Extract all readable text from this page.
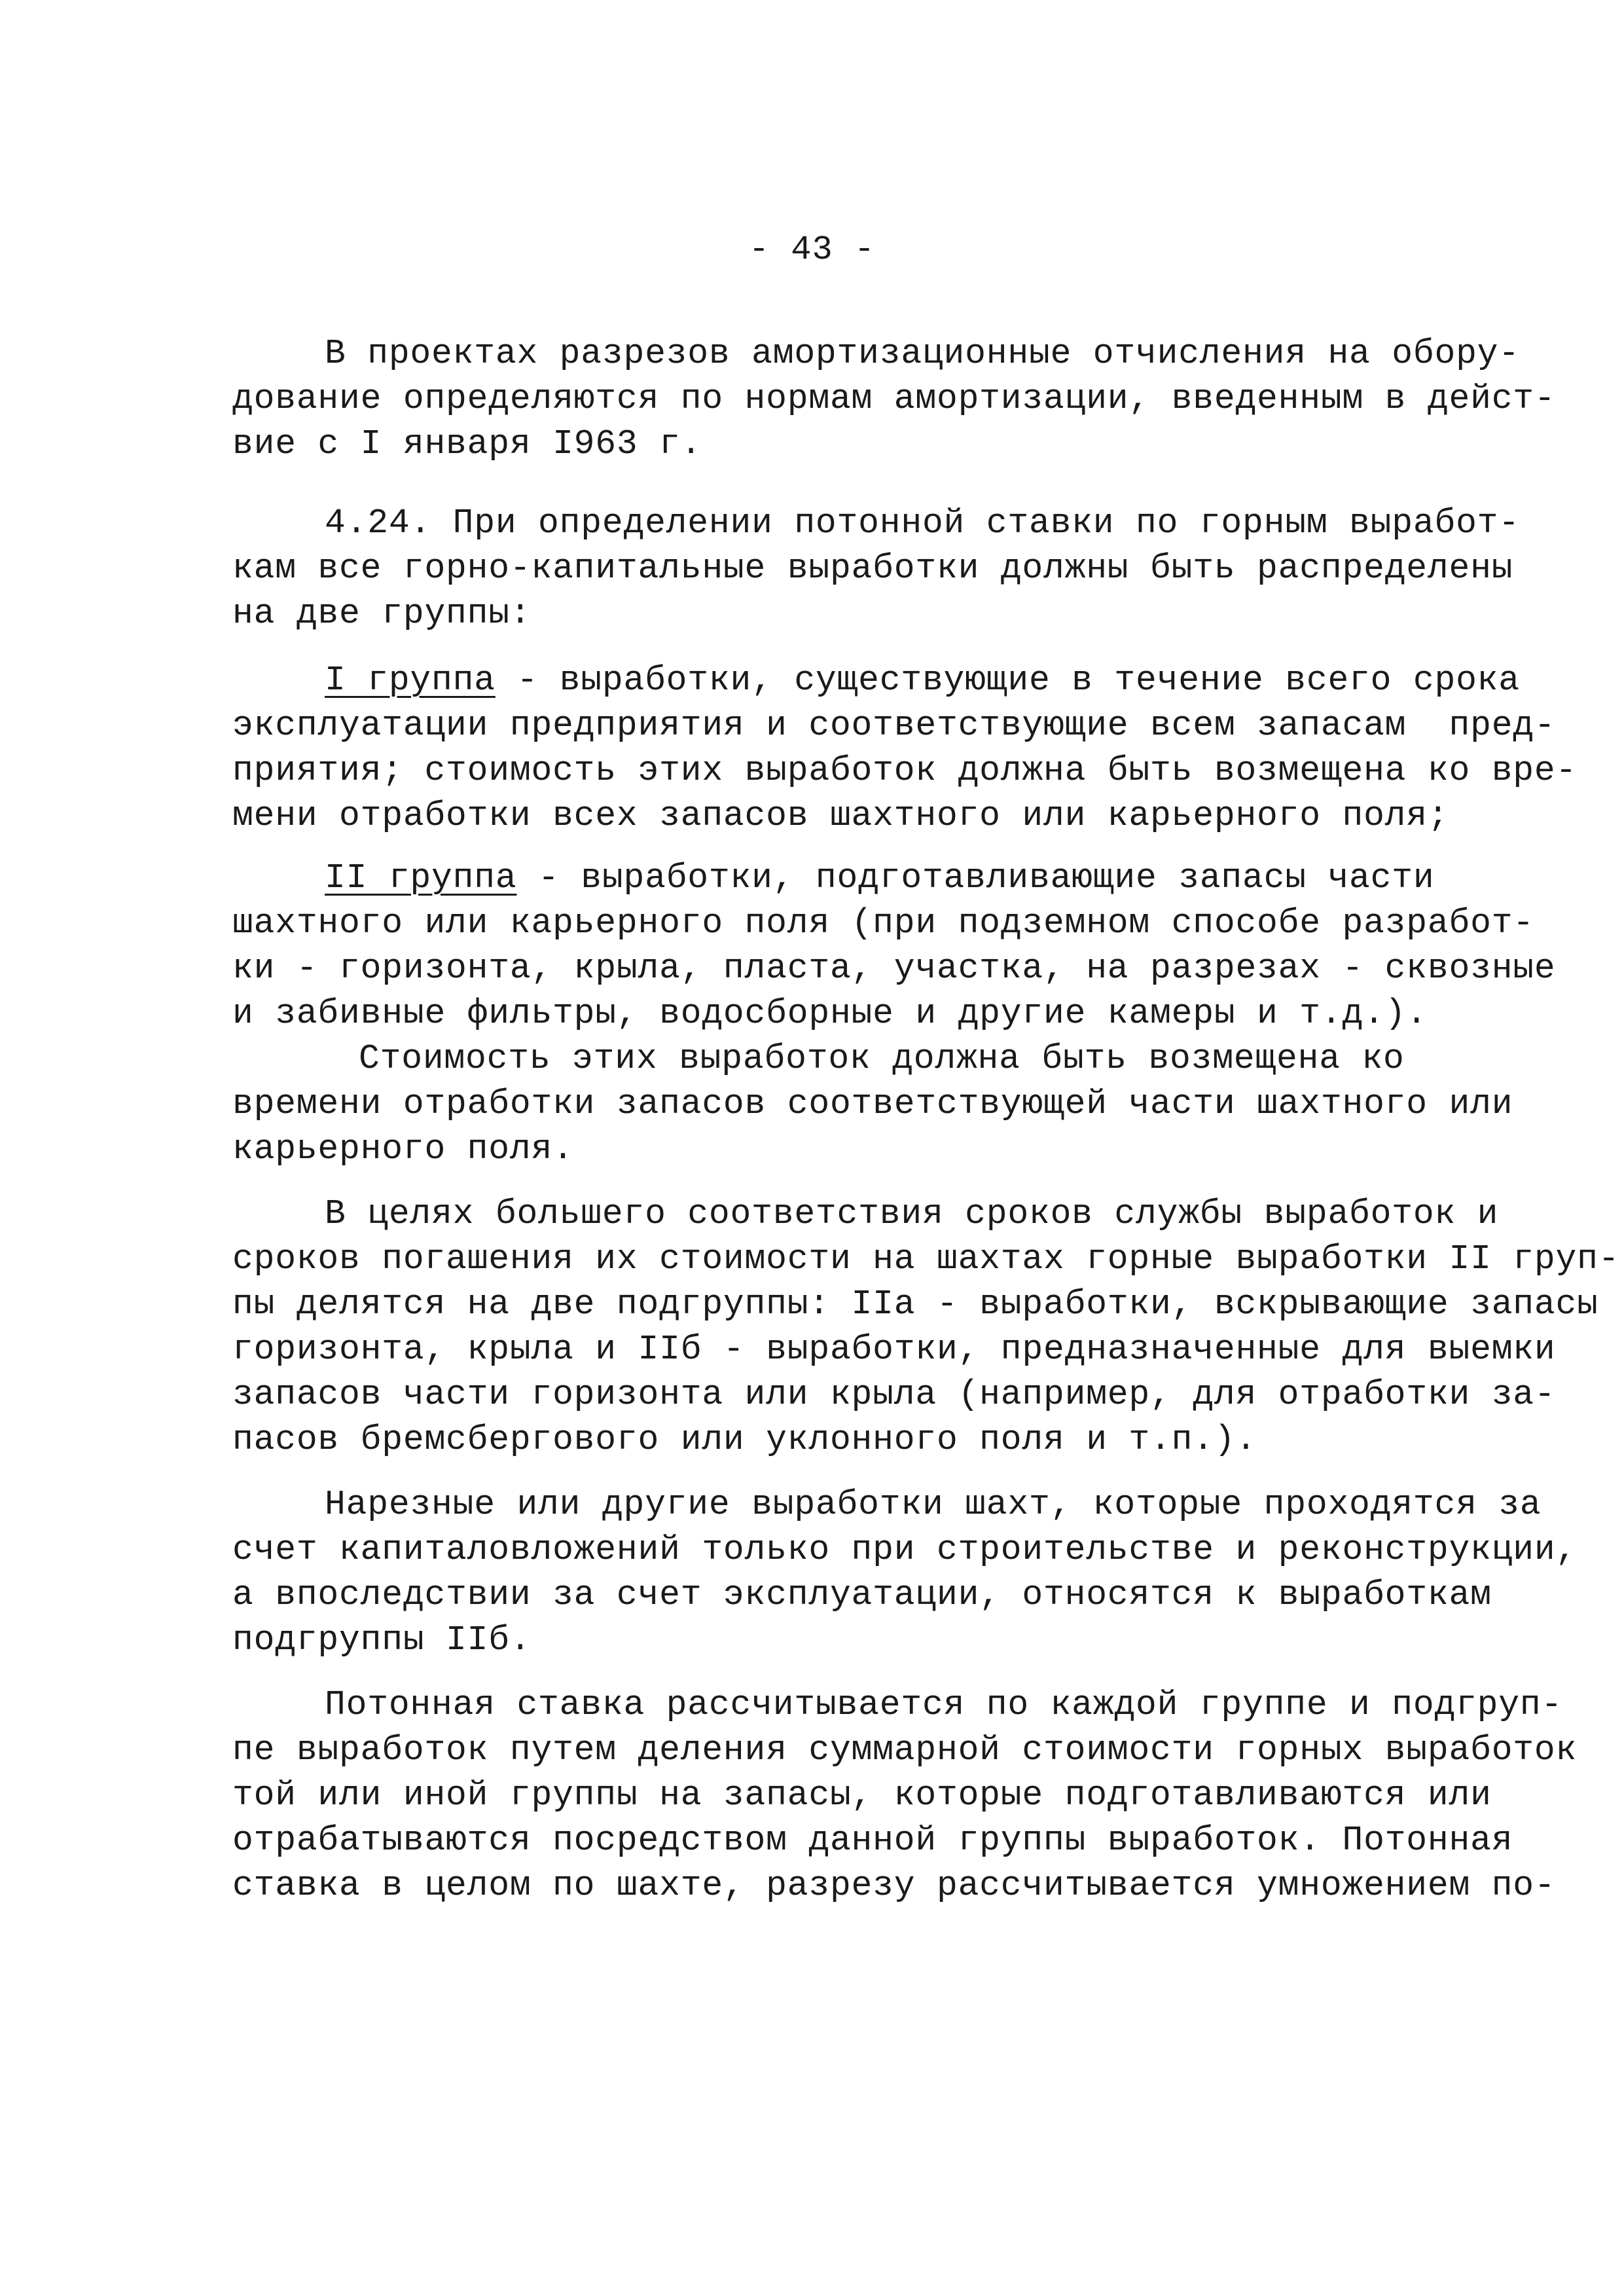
- 43 -
В проектах разрезов амортизационные отчисления на обору-
дование определяются по нормам амортизации, введенным в дейст-
вие с I января I963 г.
4.24. При определении потонной ставки по горным выработ-
кам все горно-капитальные выработки должны быть распределены
на две группы:
I группа - выработки, существующие в течение всего срока
эксплуатации предприятия и соответствующие всем запасам  пред-
приятия; стоимость этих выработок должна быть возмещена ко вре-
мени отработки всех запасов шахтного или карьерного поля;
II группа - выработки, подготавливающие запасы части
шахтного или карьерного поля (при подземном способе разработ-
ки - горизонта, крыла, пласта, участка, на разрезах - сквозные
и забивные фильтры, водосборные и другие камеры и т.д.).
Стоимость этих выработок должна быть возмещена ко
времени отработки запасов соответствующей части шахтного или
карьерного поля.
В целях большего соответствия сроков службы выработок и
сроков погашения их стоимости на шахтах горные выработки II груп-
пы делятся на две подгруппы: IIа - выработки, вскрывающие запасы
горизонта, крыла и IIб - выработки, предназначенные для выемки
запасов части горизонта или крыла (например, для отработки за-
пасов бремсбергового или уклонного поля и т.п.).
Нарезные или другие выработки шахт, которые проходятся за
счет капиталовложений только при строительстве и реконструкции,
а впоследствии за счет эксплуатации, относятся к выработкам
подгруппы IIб.
Потонная ставка рассчитывается по каждой группе и подгруп-
пе выработок путем деления суммарной стоимости горных выработок
той или иной группы на запасы, которые подготавливаются или
отрабатываются посредством данной группы выработок. Потонная
ставка в целом по шахте, разрезу рассчитывается умножением по-
